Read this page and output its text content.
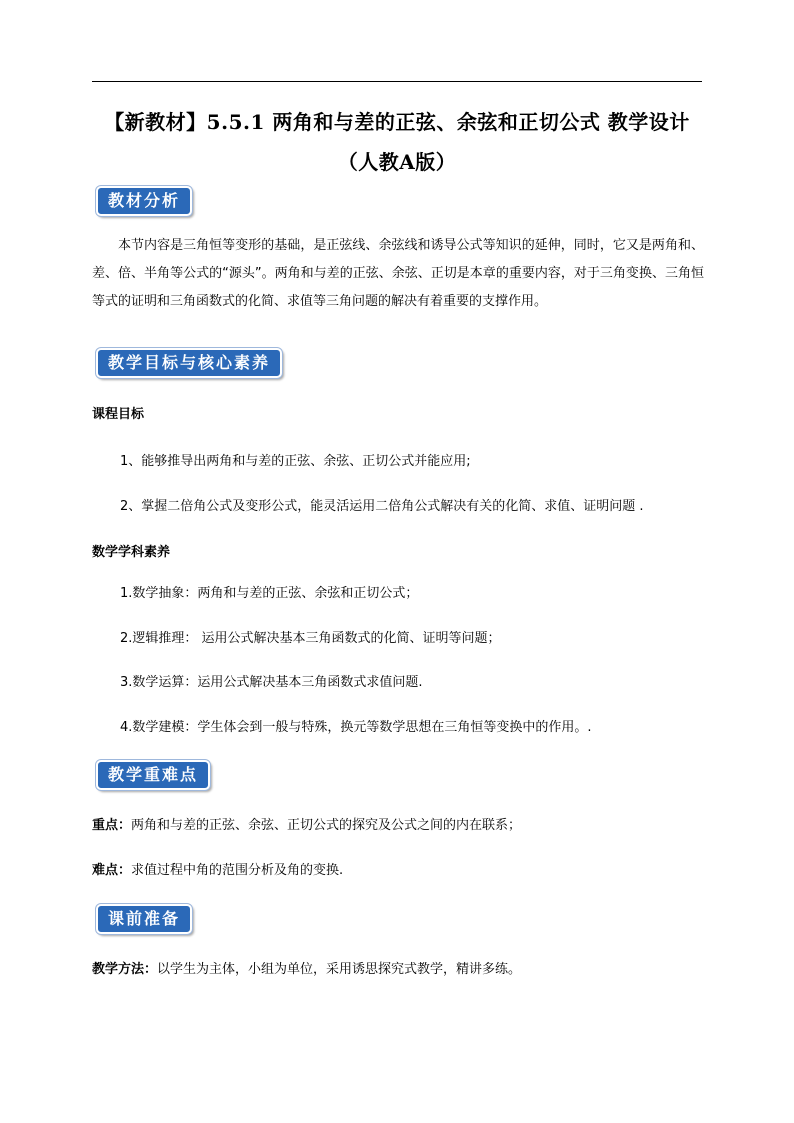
【新教材】5.5.1 两角和与差的正弦、余弦和正切公式 教学设计
（人教A版）
教材分析
本节内容是三角恒等变形的基础，是正弦线、余弦线和诱导公式等知识的延伸，同时，它又是两角和、差、倍、半角等公式的“源头”。两角和与差的正弦、余弦、正切是本章的重要内容，对于三角变换、三角恒等式的证明和三角函数式的化简、求值等三角问题的解决有着重要的支撑作用。
教学目标与核心素养
课程目标
1、能够推导出两角和与差的正弦、余弦、正切公式并能应用;
2、掌握二倍角公式及变形公式，能灵活运用二倍角公式解决有关的化简、求值、证明问题 .
数学学科素养
1.数学抽象：两角和与差的正弦、余弦和正切公式；
2.逻辑推理： 运用公式解决基本三角函数式的化简、证明等问题；
3.数学运算：运用公式解决基本三角函数式求值问题.
4.数学建模：学生体会到一般与特殊，换元等数学思想在三角恒等变换中的作用。.
教学重难点
重点：两角和与差的正弦、余弦、正切公式的探究及公式之间的内在联系；
难点：求值过程中角的范围分析及角的变换.
课前准备
教学方法：以学生为主体，小组为单位，采用诱思探究式教学，精讲多练。
